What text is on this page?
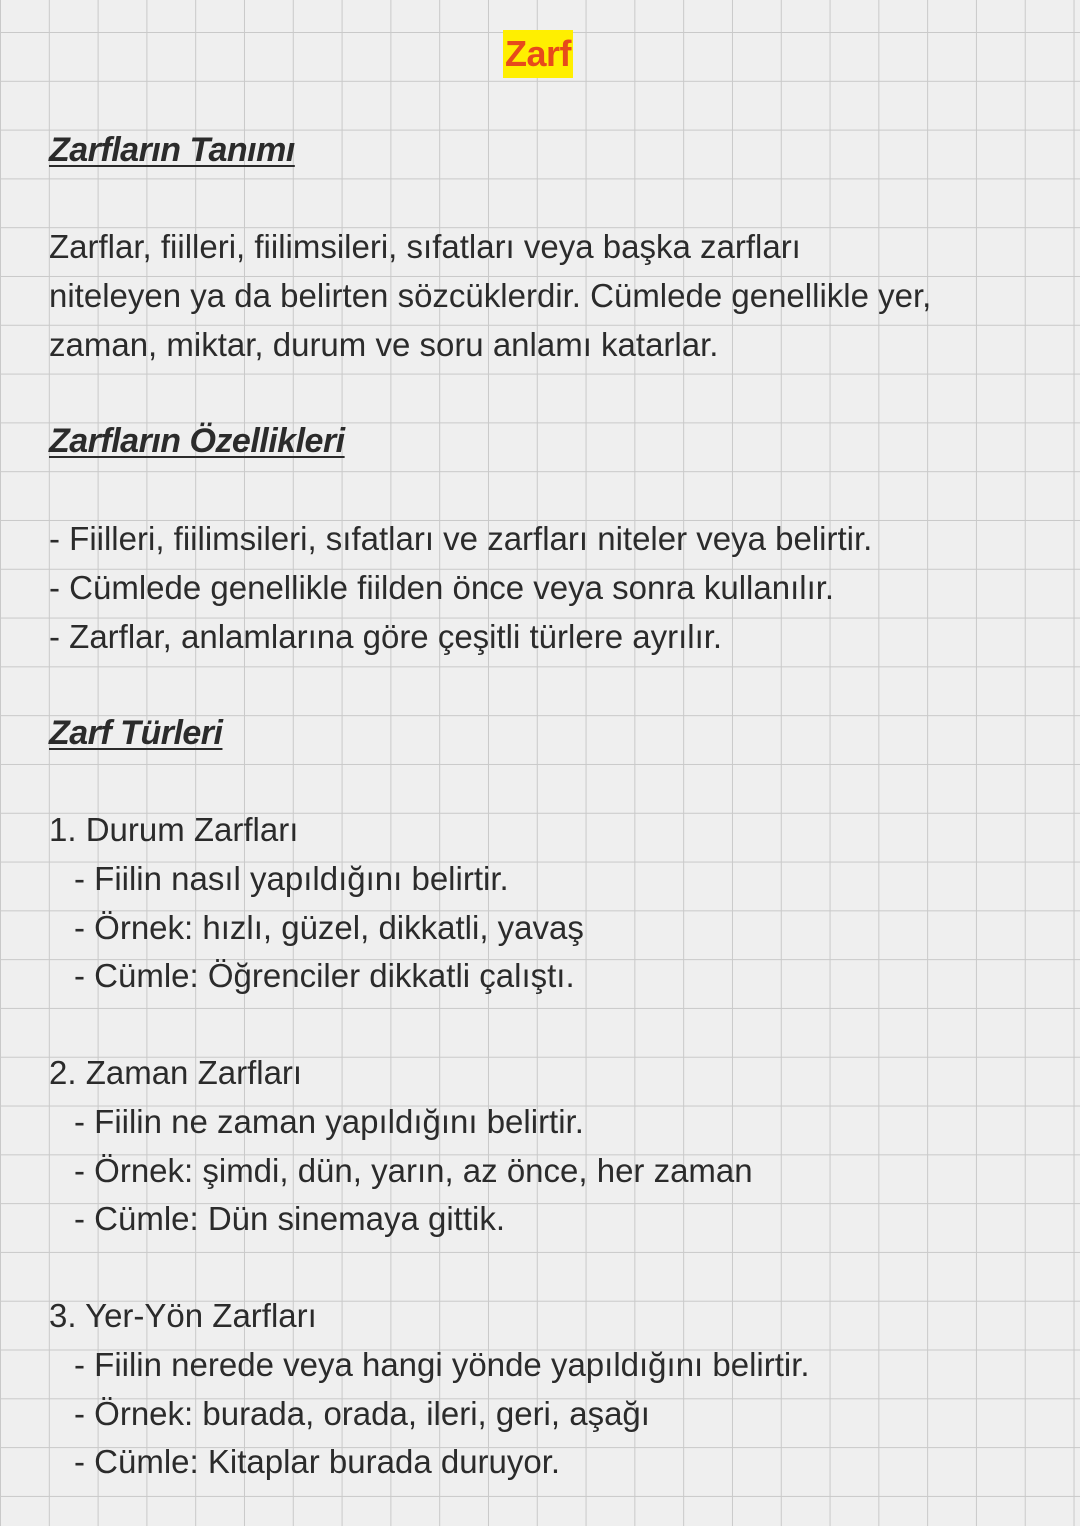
Zarf
Zarfların Tanımı
Zarflar, fiilleri, fiilimsileri, sıfatları veya başka zarfları
niteleyen ya da belirten sözcüklerdir. Cümlede genellikle yer,
zaman, miktar, durum ve soru anlamı katarlar.
Zarfların Özellikleri
- Fiilleri, fiilimsileri, sıfatları ve zarfları niteler veya belirtir.
- Cümlede genellikle fiilden önce veya sonra kullanılır.
- Zarflar, anlamlarına göre çeşitli türlere ayrılır.
Zarf Türleri
1. Durum Zarfları
- Fiilin nasıl yapıldığını belirtir.
- Örnek: hızlı, güzel, dikkatli, yavaş
- Cümle: Öğrenciler dikkatli çalıştı.
2. Zaman Zarfları
- Fiilin ne zaman yapıldığını belirtir.
- Örnek: şimdi, dün, yarın, az önce, her zaman
- Cümle: Dün sinemaya gittik.
3. Yer-Yön Zarfları
- Fiilin nerede veya hangi yönde yapıldığını belirtir.
- Örnek: burada, orada, ileri, geri, aşağı
- Cümle: Kitaplar burada duruyor.
